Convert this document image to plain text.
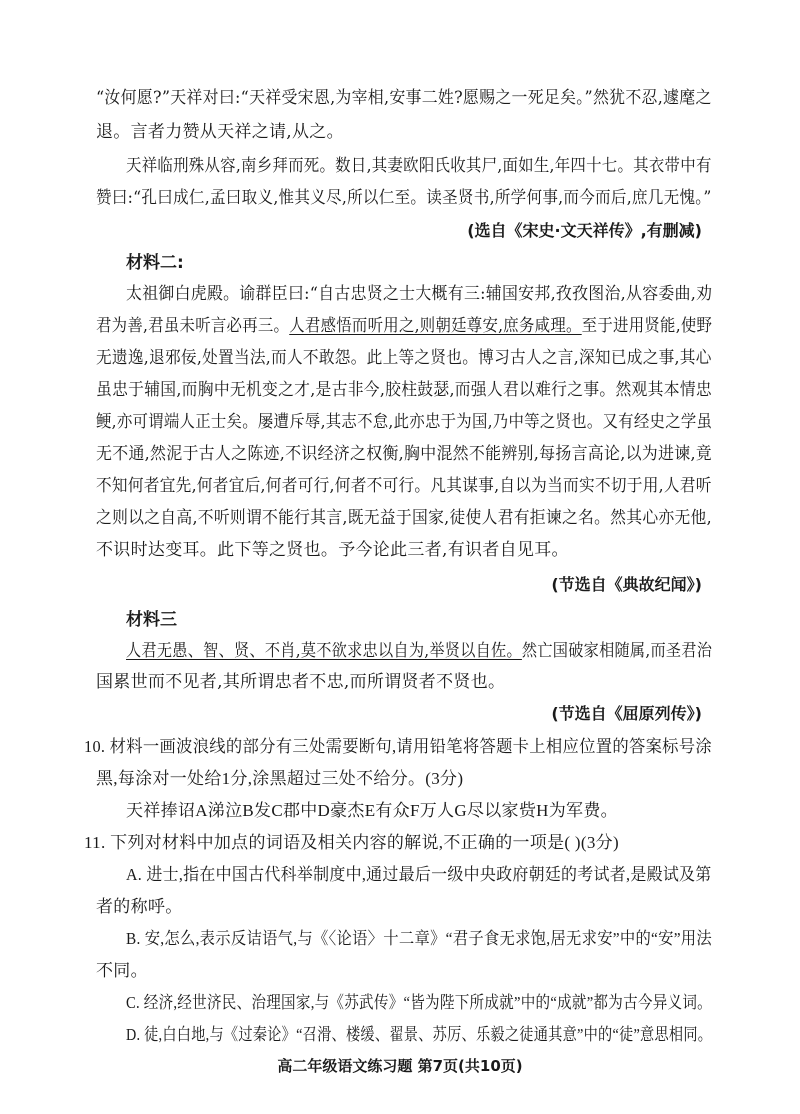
“汝何愿?”天祥对曰:“天祥受宋恩,为宰相,安事二姓?愿赐之一死足矣。”然犹不忍,遽麾之
退。言者力赞从天祥之请,从之。
天祥临刑殊从容,南乡拜而死。数日,其妻欧阳氏收其尸,面如生,年四十七。其衣带中有
赞曰:“孔曰成仁,孟曰取义,惟其义尽,所以仁至。读圣贤书,所学何事,而今而后,庶几无愧。”
(选自《宋史·文天祥传》,有删减)
材料二:
太祖御白虎殿。谕群臣曰:“自古忠贤之士大概有三:辅国安邦,孜孜图治,从容委曲,劝
君为善,君虽未听言必再三。人君感悟而听用之,则朝廷尊安,庶务咸理。至于进用贤能,使野
无遗逸,退邪佞,处置当法,而人不敢怨。此上等之贤也。博习古人之言,深知已成之事,其心
虽忠于辅国,而胸中无机变之才,是古非今,胶柱鼓瑟,而强人君以难行之事。然观其本情忠
鲠,亦可谓端人正士矣。屡遭斥辱,其志不怠,此亦忠于为国,乃中等之贤也。又有经史之学虽
无不通,然泥于古人之陈迹,不识经济之权衡,胸中混然不能辨别,每扬言高论,以为进谏,竟
不知何者宜先,何者宜后,何者可行,何者不可行。凡其谋事,自以为当而实不切于用,人君听
之则以之自高,不听则谓不能行其言,既无益于国家,徒使人君有拒谏之名。然其心亦无他,
不识时达变耳。此下等之贤也。予今论此三者,有识者自见耳。
(节选自《典故纪闻》)
材料三
人君无愚、智、贤、不肖,莫不欲求忠以自为,举贤以自佐。然亡国破家相随属,而圣君治
国累世而不见者,其所谓忠者不忠,而所谓贤者不贤也。
(节选自《屈原列传》)
10. 材料一画波浪线的部分有三处需要断句,请用铅笔将答题卡上相应位置的答案标号涂
黑,每涂对一处给1分,涂黑超过三处不给分。(3分)
天祥捧诏A涕泣B发C郡中D豪杰E有众F万人G尽以家赀H为军费。
11. 下列对材料中加点的词语及相关内容的解说,不正确的一项是( )(3分)
A. 进士,指在中国古代科举制度中,通过最后一级中央政府朝廷的考试者,是殿试及第
者的称呼。
B. 安,怎么,表示反诘语气,与《〈论语〉十二章》“君子食无求饱,居无求安”中的“安”用法
不同。
C. 经济,经世济民、治理国家,与《苏武传》“皆为陛下所成就”中的“成就”都为古今异义词。
D. 徒,白白地,与《过秦论》“召滑、楼缓、翟景、苏厉、乐毅之徒通其意”中的“徒”意思相同。
高二年级语文练习题 第7页(共10页)
